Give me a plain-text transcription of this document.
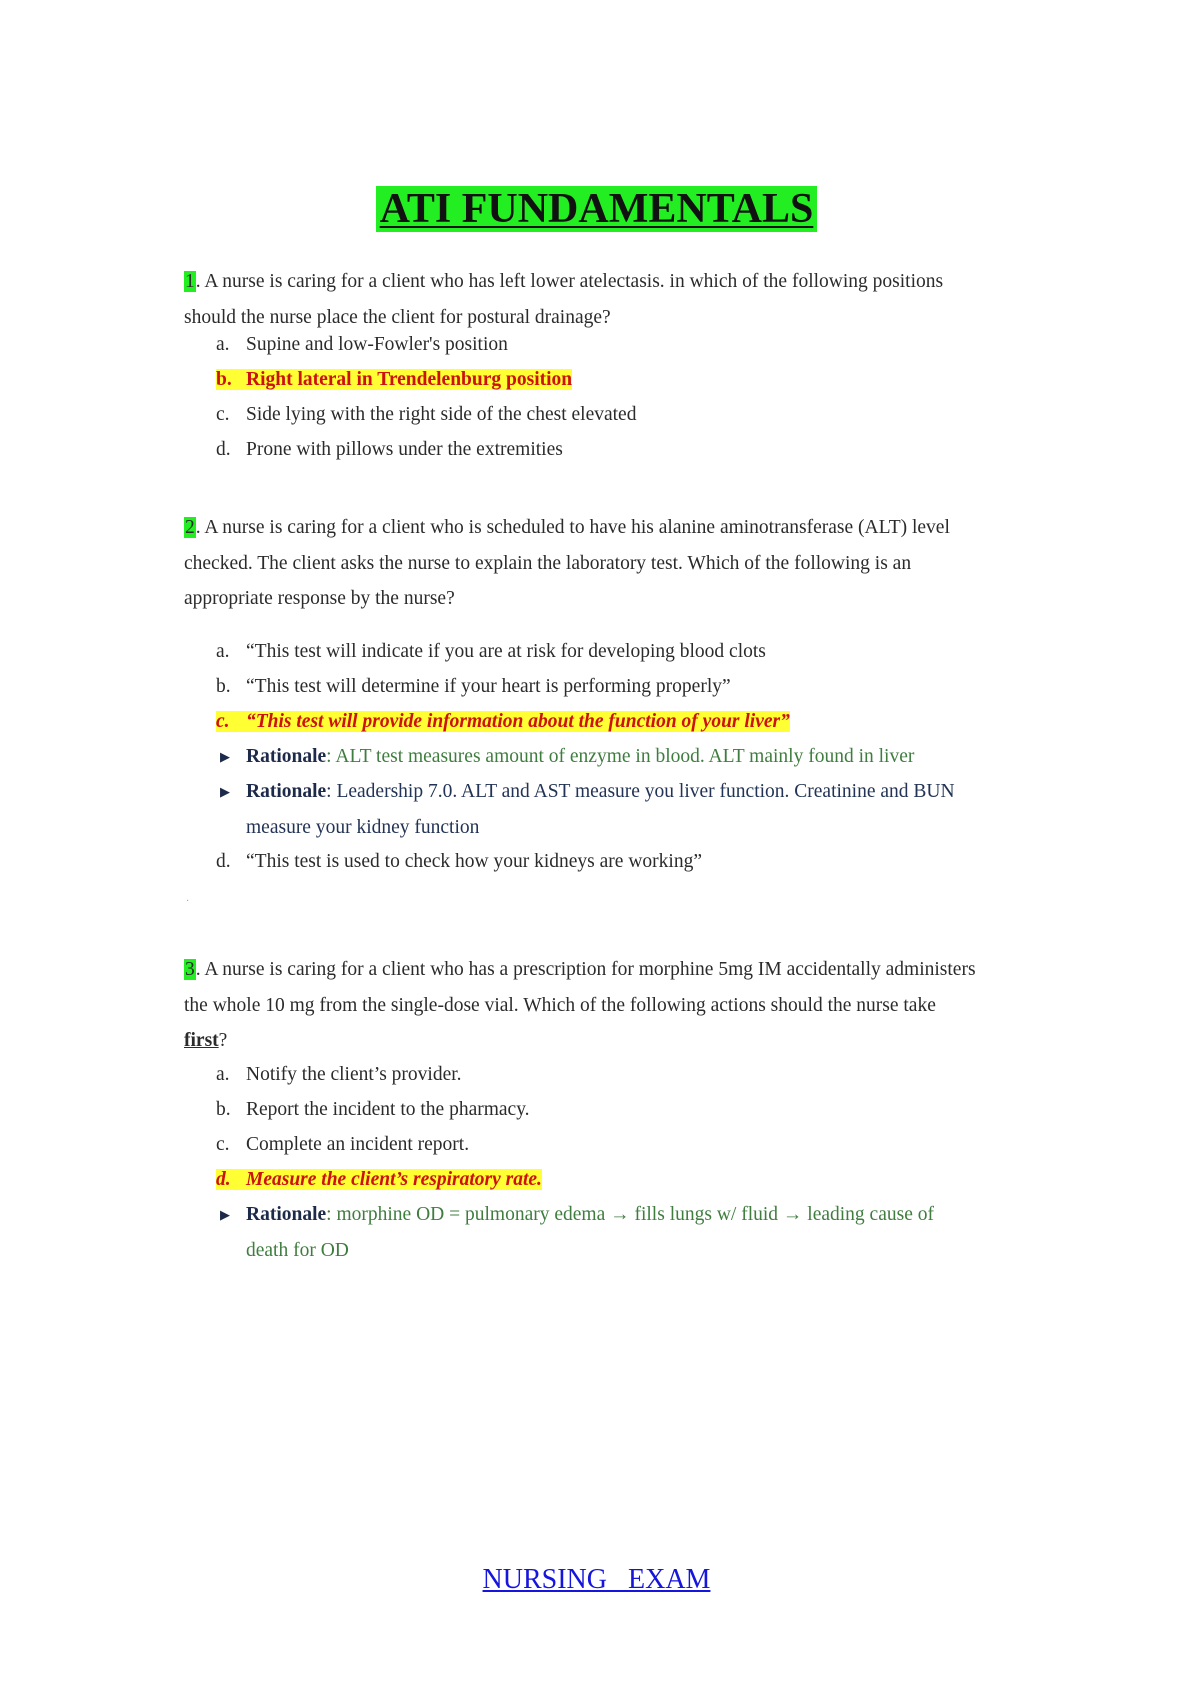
ATI FUNDAMENTALS
1. A nurse is caring for a client who has left lower atelectasis. in which of the following positions should the nurse place the client for postural drainage?
a. Supine and low-Fowler's position
b. Right lateral in Trendelenburg position
c. Side lying with the right side of the chest elevated
d. Prone with pillows under the extremities
2. A nurse is caring for a client who is scheduled to have his alanine aminotransferase (ALT) level checked. The client asks the nurse to explain the laboratory test. Which of the following is an appropriate response by the nurse?
a. “This test will indicate if you are at risk for developing blood clots
b. “This test will determine if your heart is performing properly”
c. “This test will provide information about the function of your liver”
▶ Rationale: ALT test measures amount of enzyme in blood. ALT mainly found in liver
▶ Rationale: Leadership 7.0. ALT and AST measure you liver function. Creatinine and BUN measure your kidney function
d. “This test is used to check how your kidneys are working”
·
3. A nurse is caring for a client who has a prescription for morphine 5mg IM accidentally administers the whole 10 mg from the single-dose vial. Which of the following actions should the nurse take first?
a. Notify the client’s provider.
b. Report the incident to the pharmacy.
c. Complete an incident report.
d. Measure the client’s respiratory rate.
▶ Rationale: morphine OD = pulmonary edema → fills lungs w/ fluid → leading cause of death for OD
NURSING   EXAM
